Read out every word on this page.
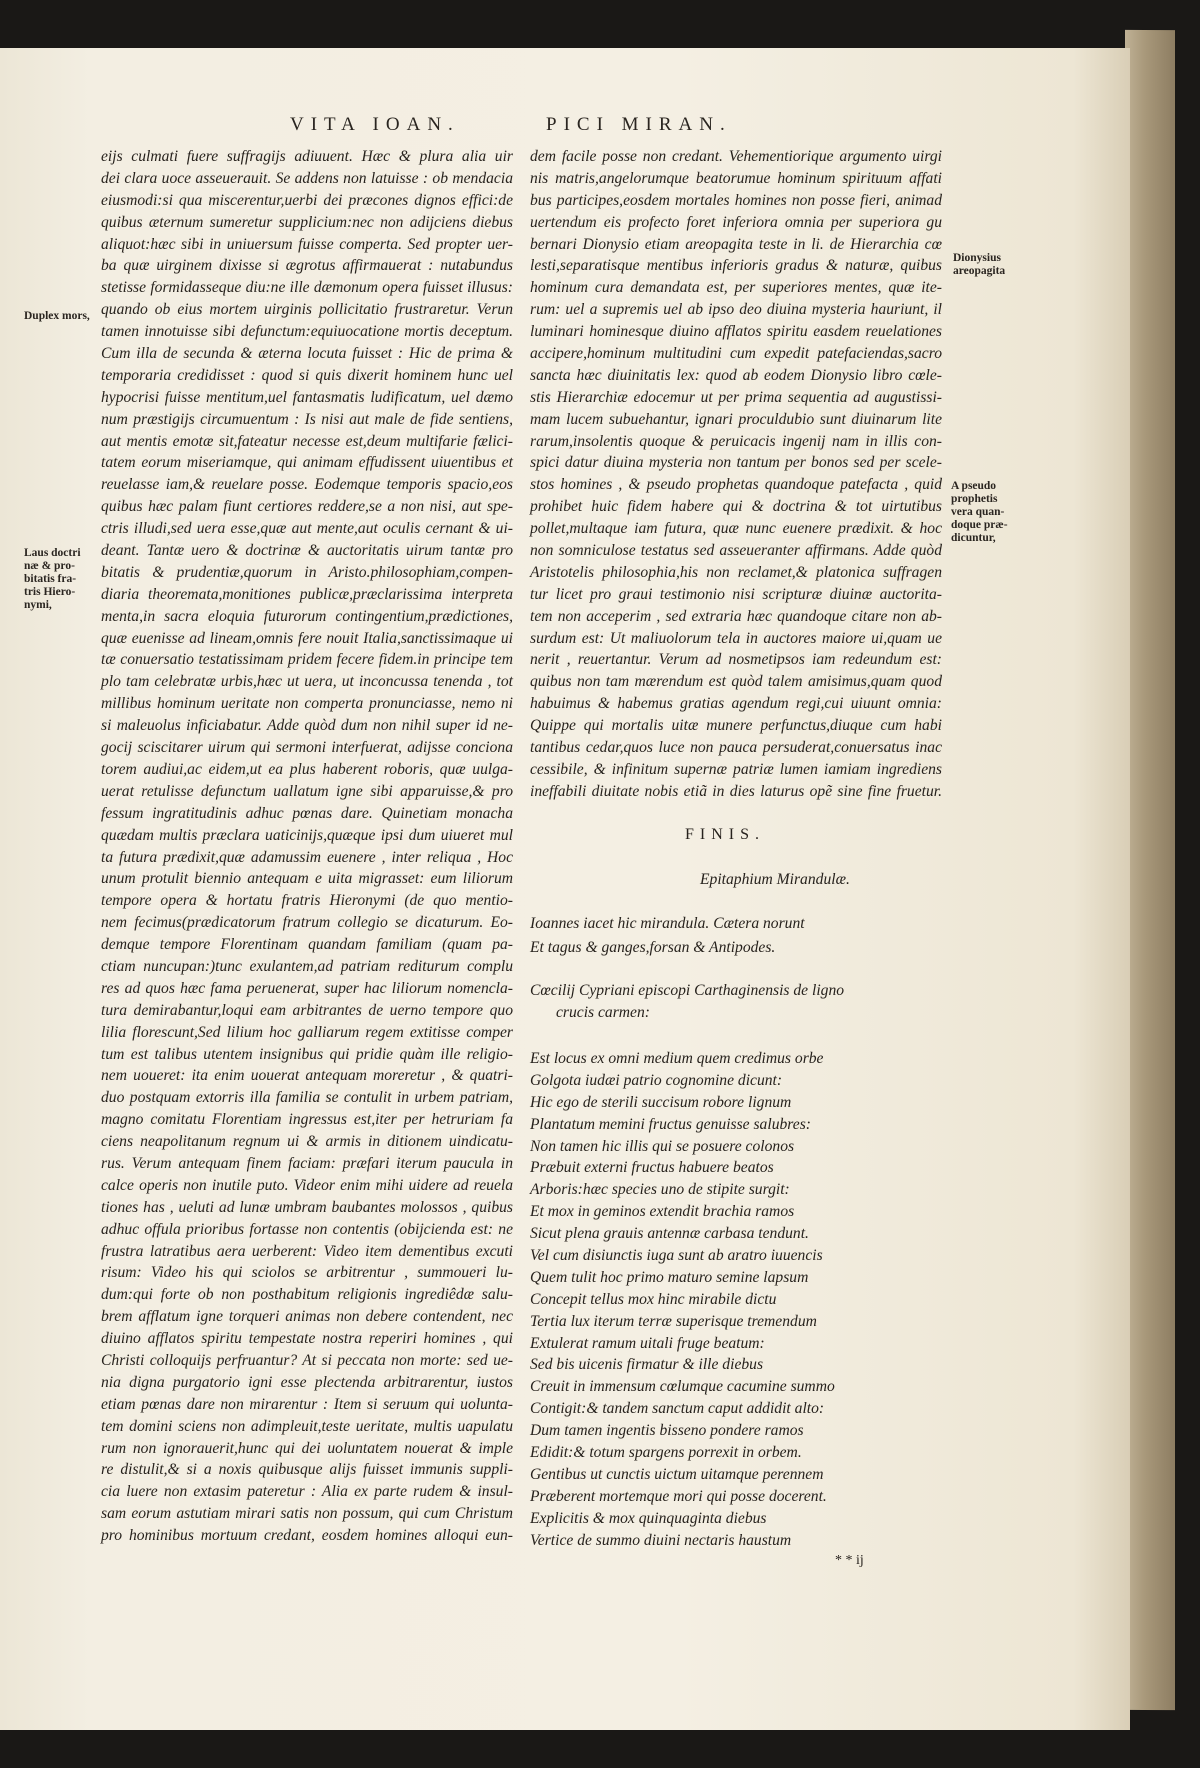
VITA IOAN.	PICI MIRAN.
Duplex mors,
Laus doctri
næ & pro-
bitatis fra-
tris Hiero-
nymi,
Dionysius
areopagita
A pseudo
prophetis
vera quan-
doque præ-
dicuntur,
eijs culmati fuere suffragijs adiuuent. Hæc & plura alia uir
dei clara uoce asseuerauit. Se addens non latuisse : ob mendacia
eiusmodi:si qua miscerentur,uerbi dei præcones dignos effici:de
quibus æternum sumeretur supplicium:nec non adijciens diebus
aliquot:hæc sibi in uniuersum fuisse comperta. Sed propter uer-
ba quæ uirginem dixisse si ægrotus affirmauerat : nutabundus
stetisse formidasseque diu:ne ille dæmonum opera fuisset illusus:
quando ob eius mortem uirginis pollicitatio frustraretur. Verun
tamen innotuisse sibi defunctum:equiuocatione mortis deceptum.
Cum illa de secunda & æterna locuta fuisset : Hic de prima &
temporaria credidisset : quod si quis dixerit hominem hunc uel
hypocrisi fuisse mentitum,uel fantasmatis ludificatum, uel dæmo
num præstigijs circumuentum : Is nisi aut male de fide sentiens,
aut mentis emotæ sit,fateatur necesse est,deum multifarie fælici-
tatem eorum miseriamque, qui animam effudissent uiuentibus et
reuelasse iam,& reuelare posse. Eodemque temporis spacio,eos
quibus hæc palam fiunt certiores reddere,se a non nisi, aut spe-
ctris illudi,sed uera esse,quæ aut mente,aut oculis cernant & ui-
deant. Tantæ uero & doctrinæ & auctoritatis uirum tantæ pro
bitatis & prudentiæ,quorum in Aristo.philosophiam,compen-
diaria theoremata,monitiones publicæ,præclarissima interpreta
menta,in sacra eloquia futurorum contingentium,prædictiones,
quæ euenisse ad lineam,omnis fere nouit Italia,sanctissimaque ui
tæ conuersatio testatissimam pridem fecere fidem.in principe tem
plo tam celebratæ urbis,hæc ut uera, ut inconcussa tenenda , tot
millibus hominum ueritate non comperta pronunciasse, nemo ni
si maleuolus inficiabatur. Adde quòd dum non nihil super id ne-
gocij sciscitarer uirum qui sermoni interfuerat, adijsse conciona
torem audiui,ac eidem,ut ea plus haberent roboris, quæ uulga-
uerat retulisse defunctum uallatum igne sibi apparuisse,& pro
fessum ingratitudinis adhuc pœnas dare. Quinetiam monacha
quædam multis præclara uaticinijs,quæque ipsi dum uiueret mul
ta futura prædixit,quæ adamussim euenere , inter reliqua , Hoc
unum protulit biennio antequam e uita migrasset: eum liliorum
tempore opera & hortatu fratris Hieronymi (de quo mentio-
nem fecimus(prædicatorum fratrum collegio se dicaturum. Eo-
demque tempore Florentinam quandam familiam (quam pa-
ctiam nuncupan:)tunc exulantem,ad patriam rediturum complu
res ad quos hæc fama peruenerat, super hac liliorum nomencla-
tura demirabantur,loqui eam arbitrantes de uerno tempore quo
lilia florescunt,Sed lilium hoc galliarum regem extitisse comper
tum est talibus utentem insignibus qui pridie quàm ille religio-
nem uoueret: ita enim uouerat antequam moreretur , & quatri-
duo postquam extorris illa familia se contulit in urbem patriam,
magno comitatu Florentiam ingressus est,iter per hetruriam fa
ciens neapolitanum regnum ui & armis in ditionem uindicatu-
rus. Verum antequam finem faciam: præfari iterum paucula in
calce operis non inutile puto. Videor enim mihi uidere ad reuela
tiones has , ueluti ad lunæ umbram baubantes molossos , quibus
adhuc offula prioribus fortasse non contentis (obijcienda est: ne
frustra latratibus aera uerberent: Video item dementibus excuti
risum: Video his qui sciolos se arbitrentur , summoueri lu-
dum:qui forte ob non posthabitum religionis ingrediêdæ salu-
brem afflatum igne torqueri animas non debere contendent, nec
diuino afflatos spiritu tempestate nostra reperiri homines , qui
Christi colloquijs perfruantur? At si peccata non morte: sed ue-
nia digna purgatorio igni esse plectenda arbitrarentur, iustos
etiam pœnas dare non mirarentur : Item si seruum qui uolunta-
tem domini sciens non adimpleuit,teste ueritate, multis uapulatu
rum non ignorauerit,hunc qui dei uoluntatem nouerat & imple
re distulit,& si a noxis quibusque alijs fuisset immunis suppli-
cia luere non extasim pateretur : Alia ex parte rudem & insul-
sam eorum astutiam mirari satis non possum, qui cum Christum
pro hominibus mortuum credant, eosdem homines alloqui eun-
dem facile posse non credant. Vehementiorique argumento uirgi
nis matris,angelorumque beatorumue hominum spirituum affati
bus participes,eosdem mortales homines non posse fieri, animad
uertendum eis profecto foret inferiora omnia per superiora gu
bernari Dionysio etiam areopagita teste in li. de Hierarchia cœ
lesti,separatisque mentibus inferioris gradus & naturæ, quibus
hominum cura demandata est, per superiores mentes, quæ ite-
rum: uel a supremis uel ab ipso deo diuina mysteria hauriunt, il
luminari hominesque diuino afflatos spiritu easdem reuelationes
accipere,hominum multitudini cum expedit patefaciendas,sacro
sancta hæc diuinitatis lex: quod ab eodem Dionysio libro cœle-
stis Hierarchiæ edocemur ut per prima sequentia ad augustissi-
mam lucem subuehantur, ignari proculdubio sunt diuinarum lite
rarum,insolentis quoque & peruicacis ingenij nam in illis con-
spici datur diuina mysteria non tantum per bonos sed per scele-
stos homines , & pseudo prophetas quandoque patefacta , quid
prohibet huic fidem habere qui & doctrina & tot uirtutibus
pollet,multaque iam futura, quæ nunc euenere prædixit. & hoc
non somniculose testatus sed asseueranter affirmans. Adde quòd
Aristotelis philosophia,his non reclamet,& platonica suffragen
tur licet pro graui testimonio nisi scripturæ diuinæ auctorita-
tem non acceperim , sed extraria hæc quandoque citare non ab-
surdum est: Ut maliuolorum tela in auctores maiore ui,quam ue
nerit , reuertantur. Verum ad nosmetipsos iam redeundum est:
quibus non tam mærendum est quòd talem amisimus,quam quod
habuimus & habemus gratias agendum regi,cui uiuunt omnia:
Quippe qui mortalis uitæ munere perfunctus,diuque cum habi
tantibus cedar,quos luce non pauca persuderat,conuersatus inac
cessibile, & infinitum supernæ patriæ lumen iamiam ingrediens
ineffabili diuitate nobis etiã in dies laturus opẽ sine fine fruetur.
FINIS.
Epitaphium Mirandulæ.
Ioannes iacet hic mirandula. Cætera norunt
Et tagus & ganges,forsan & Antipodes.
Cœcilij Cypriani episcopi Carthaginensis de ligno
crucis carmen:
Est locus ex omni medium quem credimus orbe
Golgota iudæi patrio cognomine dicunt:
Hic ego de sterili succisum robore lignum
Plantatum memini fructus genuisse salubres:
Non tamen hic illis qui se posuere colonos
Præbuit externi fructus habuere beatos
Arboris:hæc species uno de stipite surgit:
Et mox in geminos extendit brachia ramos
Sicut plena grauis antennæ carbasa tendunt.
Vel cum disiunctis iuga sunt ab aratro iuuencis
Quem tulit hoc primo maturo semine lapsum
Concepit tellus mox hinc mirabile dictu
Tertia lux iterum terræ superisque tremendum
Extulerat ramum uitali fruge beatum:
Sed bis uicenis firmatur & ille diebus
Creuit in immensum cœlumque cacumine summo
Contigit:& tandem sanctum caput addidit alto:
Dum tamen ingentis bisseno pondere ramos
Edidit:& totum spargens porrexit in orbem.
Gentibus ut cunctis uictum uitamque perennem
Præberent mortemque mori qui posse docerent.
Explicitis & mox quinquaginta diebus
Vertice de summo diuini nectaris haustum
* * ij
